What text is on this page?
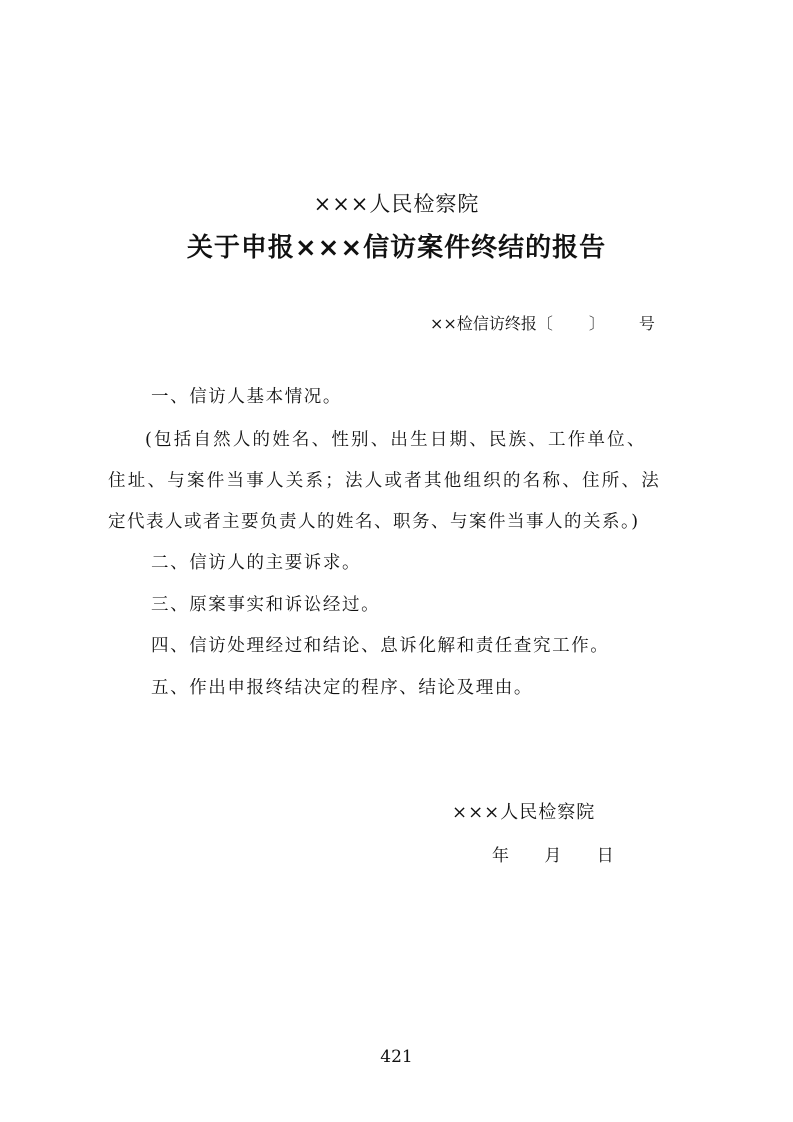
×××人民检察院
关于申报×××信访案件终结的报告
××检信访终报〔 〕 号
一、信访人基本情况。
(包括自然人的姓名、性别、出生日期、民族、工作单位、
住址、与案件当事人关系；法人或者其他组织的名称、住所、法
定代表人或者主要负责人的姓名、职务、与案件当事人的关系。)
二、信访人的主要诉求。
三、原案事实和诉讼经过。
四、信访处理经过和结论、息诉化解和责任查究工作。
五、作出申报终结决定的程序、结论及理由。
×××人民检察院
年 月 日
421
